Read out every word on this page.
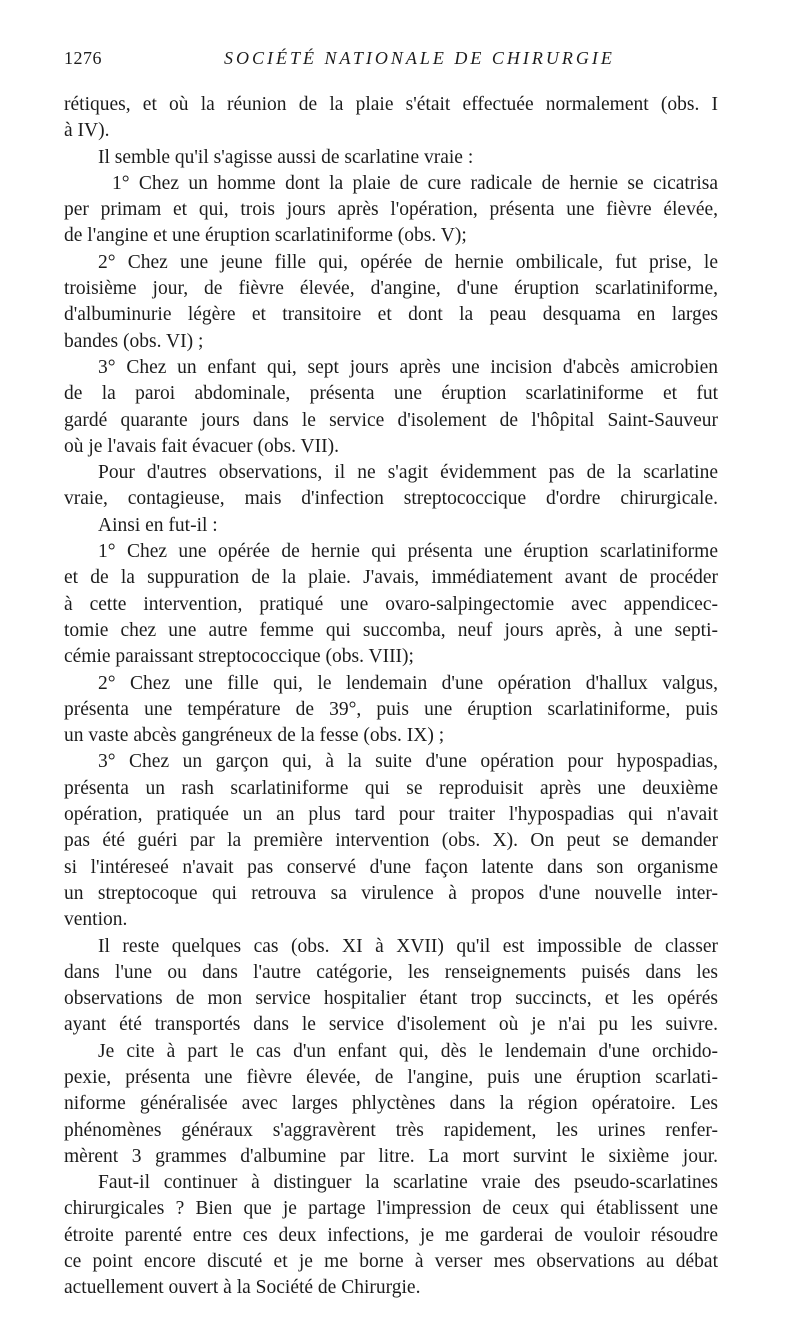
1276	SOCIÉTÉ NATIONALE DE CHIRURGIE
rétiques, et où la réunion de la plaie s'était effectuée normalement (obs. I
à IV).
Il semble qu'il s'agisse aussi de scarlatine vraie :
1° Chez un homme dont la plaie de cure radicale de hernie se cicatrisa
per primam et qui, trois jours après l'opération, présenta une fièvre élevée,
de l'angine et une éruption scarlatiniforme (obs. V);
2° Chez une jeune fille qui, opérée de hernie ombilicale, fut prise, le
troisième jour, de fièvre élevée, d'angine, d'une éruption scarlatiniforme,
d'albuminurie légère et transitoire et dont la peau desquama en larges
bandes (obs. VI) ;
3° Chez un enfant qui, sept jours après une incision d'abcès amicrobien
de la paroi abdominale, présenta une éruption scarlatiniforme et fut
gardé quarante jours dans le service d'isolement de l'hôpital Saint-Sauveur
où je l'avais fait évacuer (obs. VII).
Pour d'autres observations, il ne s'agit évidemment pas de la scarlatine
vraie, contagieuse, mais d'infection streptococcique d'ordre chirurgicale.
Ainsi en fut-il :
1° Chez une opérée de hernie qui présenta une éruption scarlatiniforme
et de la suppuration de la plaie. J'avais, immédiatement avant de procéder
à cette intervention, pratiqué une ovaro-salpingectomie avec appendicec-
tomie chez une autre femme qui succomba, neuf jours après, à une septi-
cémie paraissant streptococcique (obs. VIII);
2° Chez une fille qui, le lendemain d'une opération d'hallux valgus,
présenta une température de 39°, puis une éruption scarlatiniforme, puis
un vaste abcès gangréneux de la fesse (obs. IX) ;
3° Chez un garçon qui, à la suite d'une opération pour hypospadias,
présenta un rash scarlatiniforme qui se reproduisit après une deuxième
opération, pratiquée un an plus tard pour traiter l'hypospadias qui n'avait
pas été guéri par la première intervention (obs. X). On peut se demander
si l'intéreseé n'avait pas conservé d'une façon latente dans son organisme
un streptocoque qui retrouva sa virulence à propos d'une nouvelle inter-
vention.
Il reste quelques cas (obs. XI à XVII) qu'il est impossible de classer
dans l'une ou dans l'autre catégorie, les renseignements puisés dans les
observations de mon service hospitalier étant trop succincts, et les opérés
ayant été transportés dans le service d'isolement où je n'ai pu les suivre.
Je cite à part le cas d'un enfant qui, dès le lendemain d'une orchido-
pexie, présenta une fièvre élevée, de l'angine, puis une éruption scarlati-
niforme généralisée avec larges phlyctènes dans la région opératoire. Les
phénomènes généraux s'aggravèrent très rapidement, les urines renfer-
mèrent 3 grammes d'albumine par litre. La mort survint le sixième jour.
Faut-il continuer à distinguer la scarlatine vraie des pseudo-scarlatines
chirurgicales ? Bien que je partage l'impression de ceux qui établissent une
étroite parenté entre ces deux infections, je me garderai de vouloir résoudre
ce point encore discuté et je me borne à verser mes observations au débat
actuellement ouvert à la Société de Chirurgie.
